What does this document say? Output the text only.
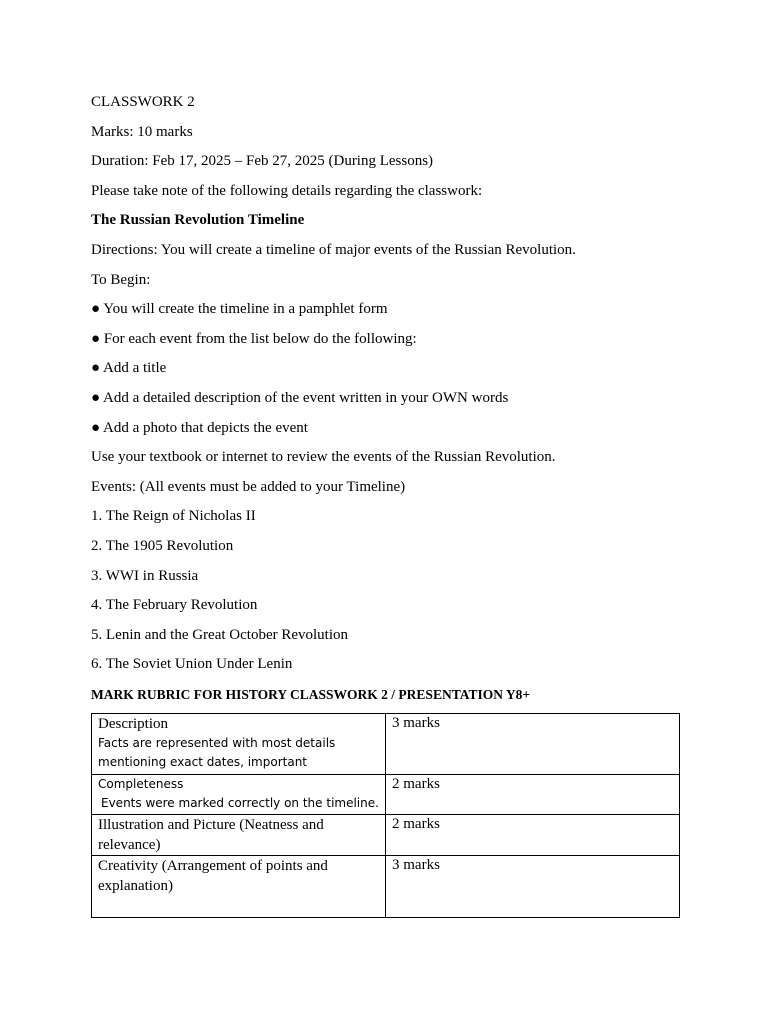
CLASSWORK 2
Marks: 10 marks
Duration: Feb 17, 2025 – Feb 27, 2025 (During Lessons)
Please take note of the following details regarding the classwork:
The Russian Revolution Timeline
Directions: You will create a timeline of major events of the Russian Revolution.
To Begin:
● You will create the timeline in a pamphlet form
● For each event from the list below do the following:
● Add a title
● Add a detailed description of the event written in your OWN words
● Add a photo that depicts the event
Use your textbook or internet to review the events of the Russian Revolution.
Events: (All events must be added to your Timeline)
1. The Reign of Nicholas II
2. The 1905 Revolution
3. WWI in Russia
4. The February Revolution
5. Lenin and the Great October Revolution
6. The Soviet Union Under Lenin
MARK RUBRIC FOR HISTORY CLASSWORK 2 / PRESENTATION Y8+
Description
Facts are represented with most details
mentioning exact dates, important	3 marks

Completeness
Events were marked correctly on the timeline.	2 marks

Illustration and Picture (Neatness and
relevance)	2 marks

Creativity (Arrangement of points and
explanation)	3 marks
